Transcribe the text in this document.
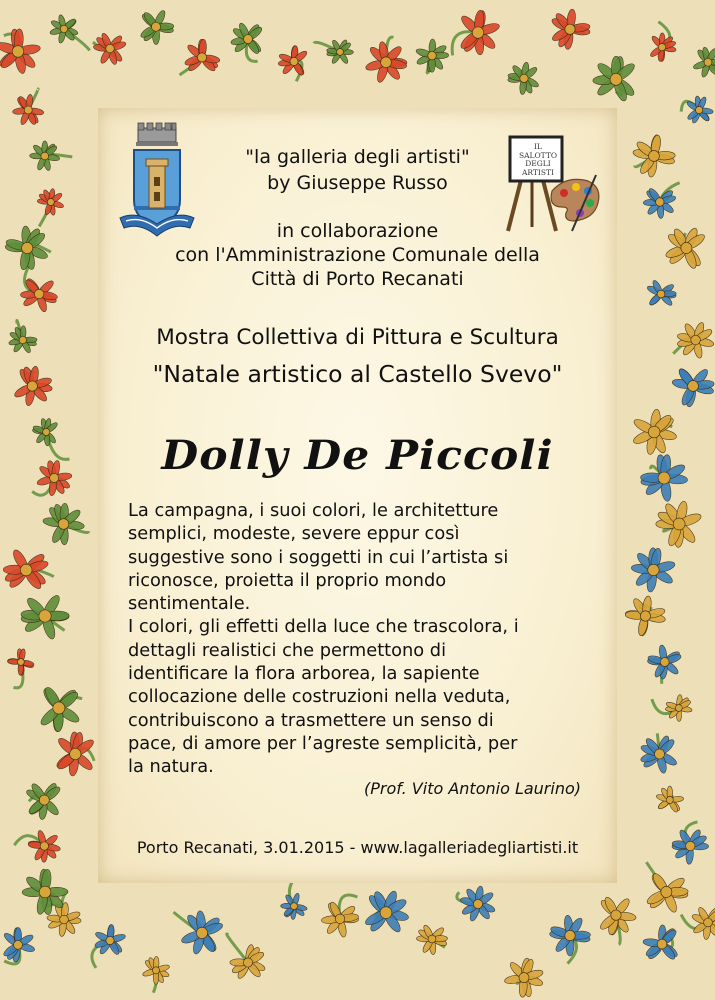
IL SALOTTO
DEGLI
ARTISTI
"la galleria degli artisti"
by Giuseppe Russo
in collaborazione
con l'Amministrazione Comunale della
Città di Porto Recanati
Mostra Collettiva di Pittura e Scultura
"Natale artistico al Castello Svevo"
Dolly De Piccoli
La campagna, i suoi colori, le architetture
semplici, modeste, severe eppur così
suggestive sono i soggetti in cui l’artista si
riconosce, proietta il proprio mondo
sentimentale.
I colori, gli effetti della luce che trascolora, i
dettagli realistici che permettono di
identificare la flora arborea, la sapiente
collocazione delle costruzioni nella veduta,
contribuiscono a trasmettere un senso di
pace, di amore per l’agreste semplicità, per
la natura.
(Prof. Vito Antonio Laurino)
Porto Recanati, 3.01.2015 - www.lagalleriadegliartisti.it
